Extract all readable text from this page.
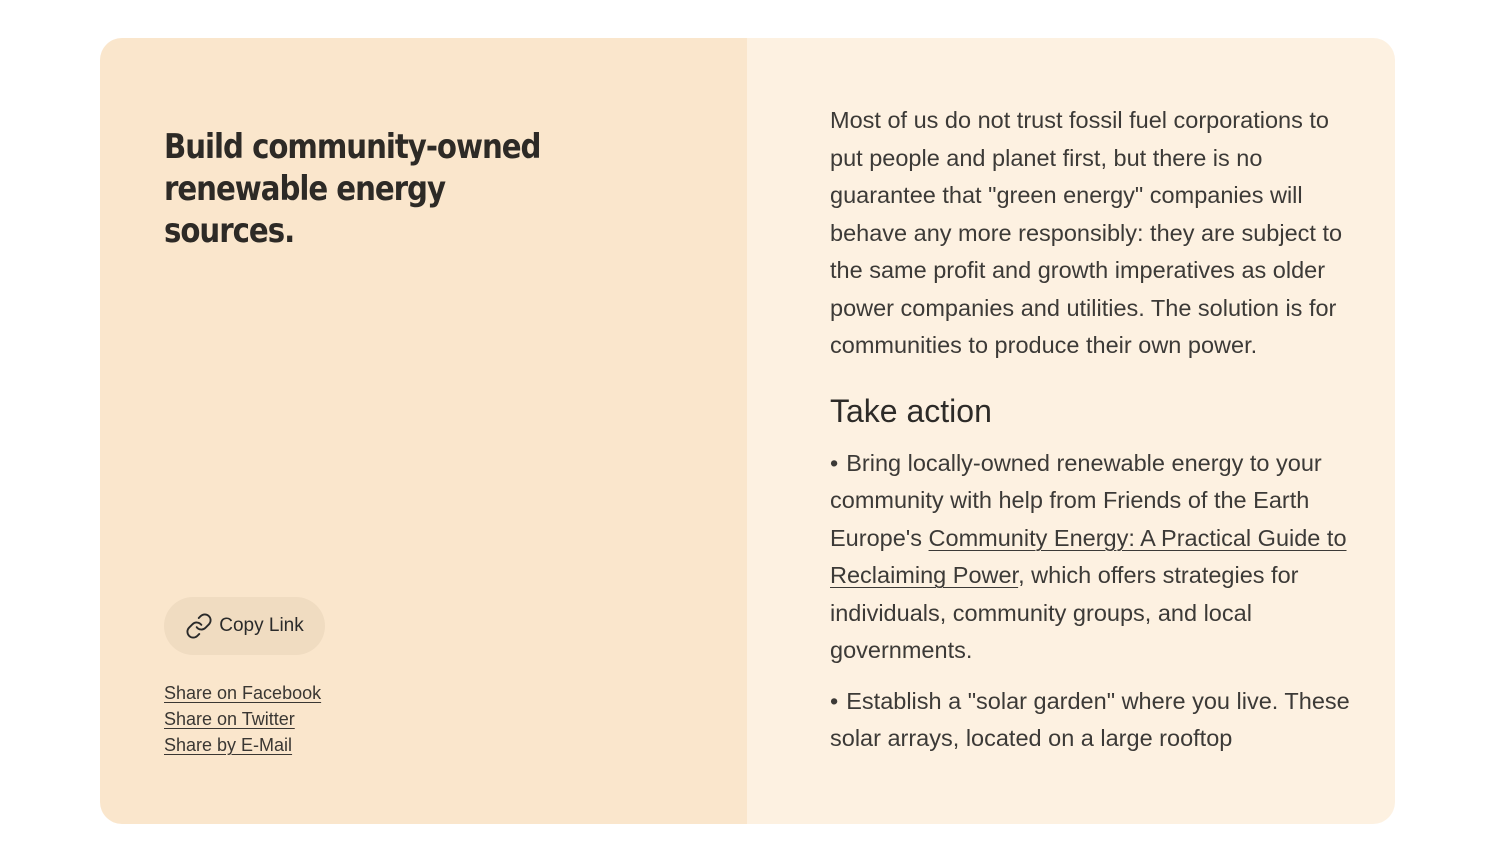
Build community-owned renewable energy sources.
Copy Link
Share on Facebook
Share on Twitter
Share by E-Mail

Most of us do not trust fossil fuel corporations to put people and planet first, but there is no guarantee that "green energy" companies will behave any more responsibly: they are subject to the same profit and growth imperatives as older power companies and utilities. The solution is for communities to produce their own power.

Take action
• Bring locally-owned renewable energy to your community with help from Friends of the Earth Europe's Community Energy: A Practical Guide to Reclaiming Power, which offers strategies for individuals, community groups, and local governments.
• Establish a "solar garden" where you live. These solar arrays, located on a large rooftop
